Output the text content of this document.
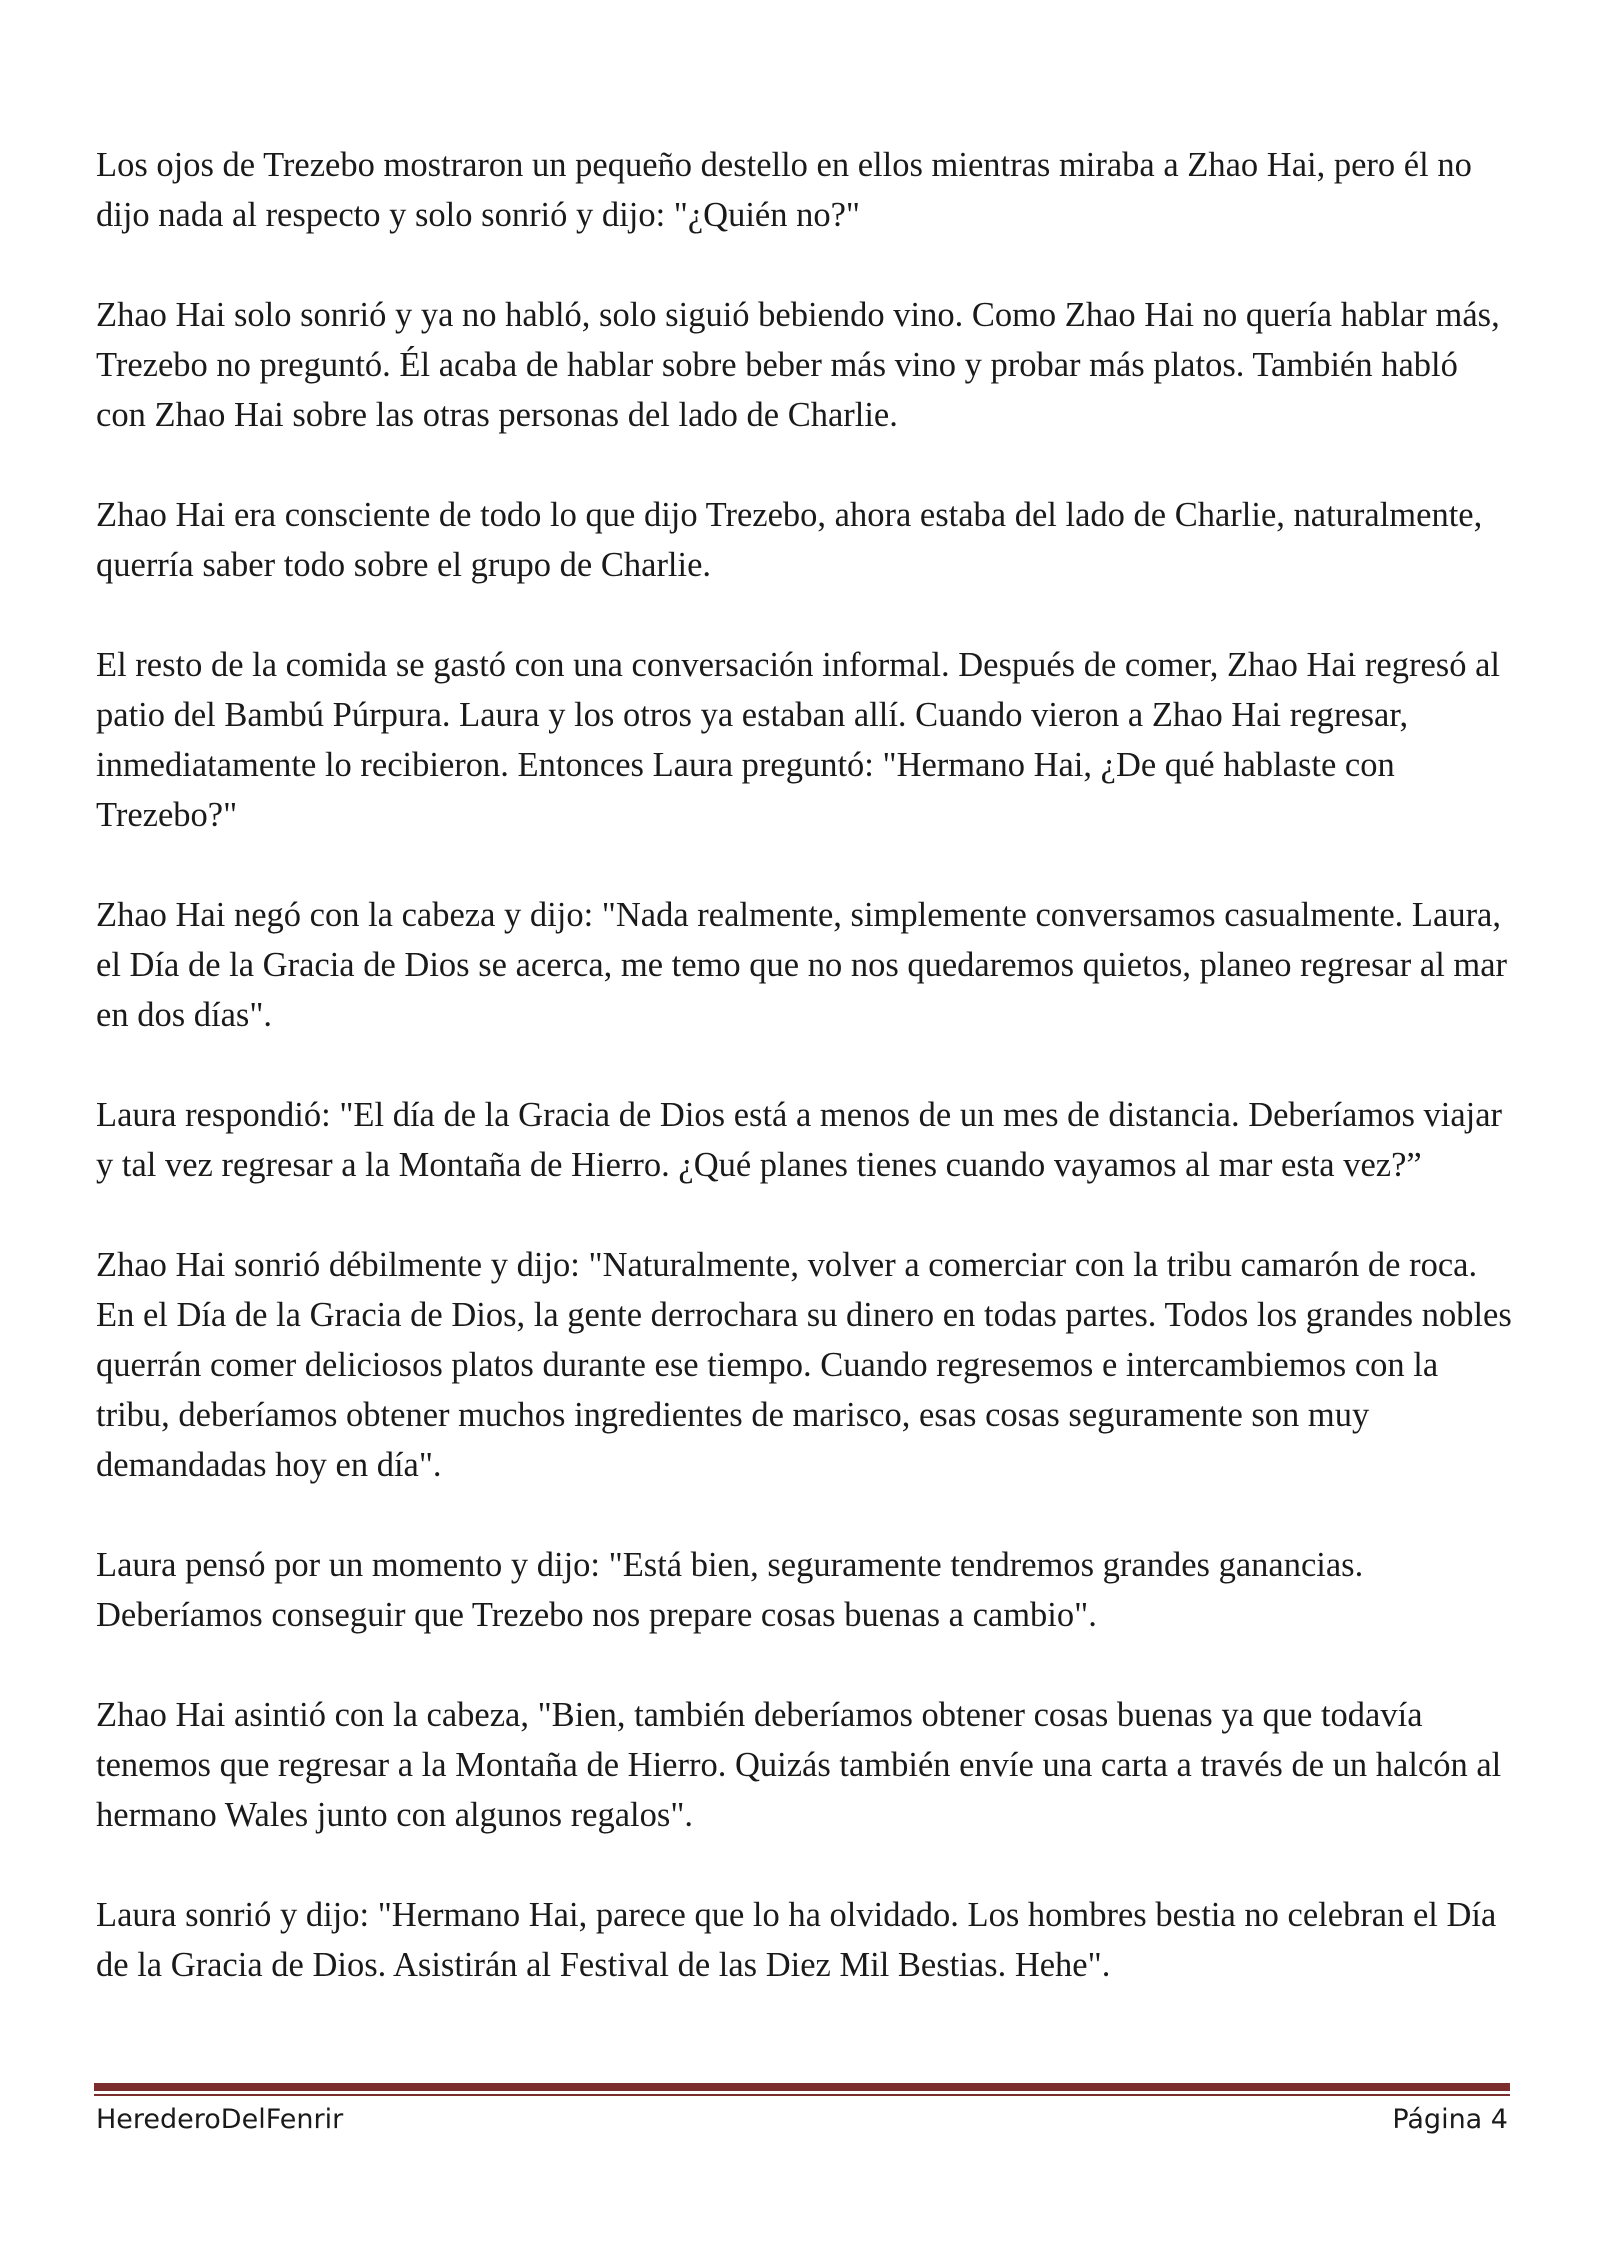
Los ojos de Trezebo mostraron un pequeño destello en ellos mientras miraba a Zhao Hai, pero él no dijo nada al respecto y solo sonrió y dijo: "¿Quién no?"

Zhao Hai solo sonrió y ya no habló, solo siguió bebiendo vino. Como Zhao Hai no quería hablar más, Trezebo no preguntó. Él acaba de hablar sobre beber más vino y probar más platos. También habló con Zhao Hai sobre las otras personas del lado de Charlie.

Zhao Hai era consciente de todo lo que dijo Trezebo, ahora estaba del lado de Charlie, naturalmente, querría saber todo sobre el grupo de Charlie.

El resto de la comida se gastó con una conversación informal. Después de comer, Zhao Hai regresó al patio del Bambú Púrpura. Laura y los otros ya estaban allí. Cuando vieron a Zhao Hai regresar, inmediatamente lo recibieron. Entonces Laura preguntó: "Hermano Hai, ¿De qué hablaste con Trezebo?"

Zhao Hai negó con la cabeza y dijo: "Nada realmente, simplemente conversamos casualmente. Laura, el Día de la Gracia de Dios se acerca, me temo que no nos quedaremos quietos, planeo regresar al mar en dos días".

Laura respondió: "El día de la Gracia de Dios está a menos de un mes de distancia. Deberíamos viajar y tal vez regresar a la Montaña de Hierro. ¿Qué planes tienes cuando vayamos al mar esta vez?”

Zhao Hai sonrió débilmente y dijo: "Naturalmente, volver a comerciar con la tribu camarón de roca. En el Día de la Gracia de Dios, la gente derrochara su dinero en todas partes. Todos los grandes nobles querrán comer deliciosos platos durante ese tiempo. Cuando regresemos e intercambiemos con la tribu, deberíamos obtener muchos ingredientes de marisco, esas cosas seguramente son muy demandadas hoy en día".

Laura pensó por un momento y dijo: "Está bien, seguramente tendremos grandes ganancias. Deberíamos conseguir que Trezebo nos prepare cosas buenas a cambio".

Zhao Hai asintió con la cabeza, "Bien, también deberíamos obtener cosas buenas ya que todavía tenemos que regresar a la Montaña de Hierro. Quizás también envíe una carta a través de un halcón al hermano Wales junto con algunos regalos".

Laura sonrió y dijo: "Hermano Hai, parece que lo ha olvidado. Los hombres bestia no celebran el Día de la Gracia de Dios. Asistirán al Festival de las Diez Mil Bestias. Hehe".

HerederoDelFenrir	Página 4
